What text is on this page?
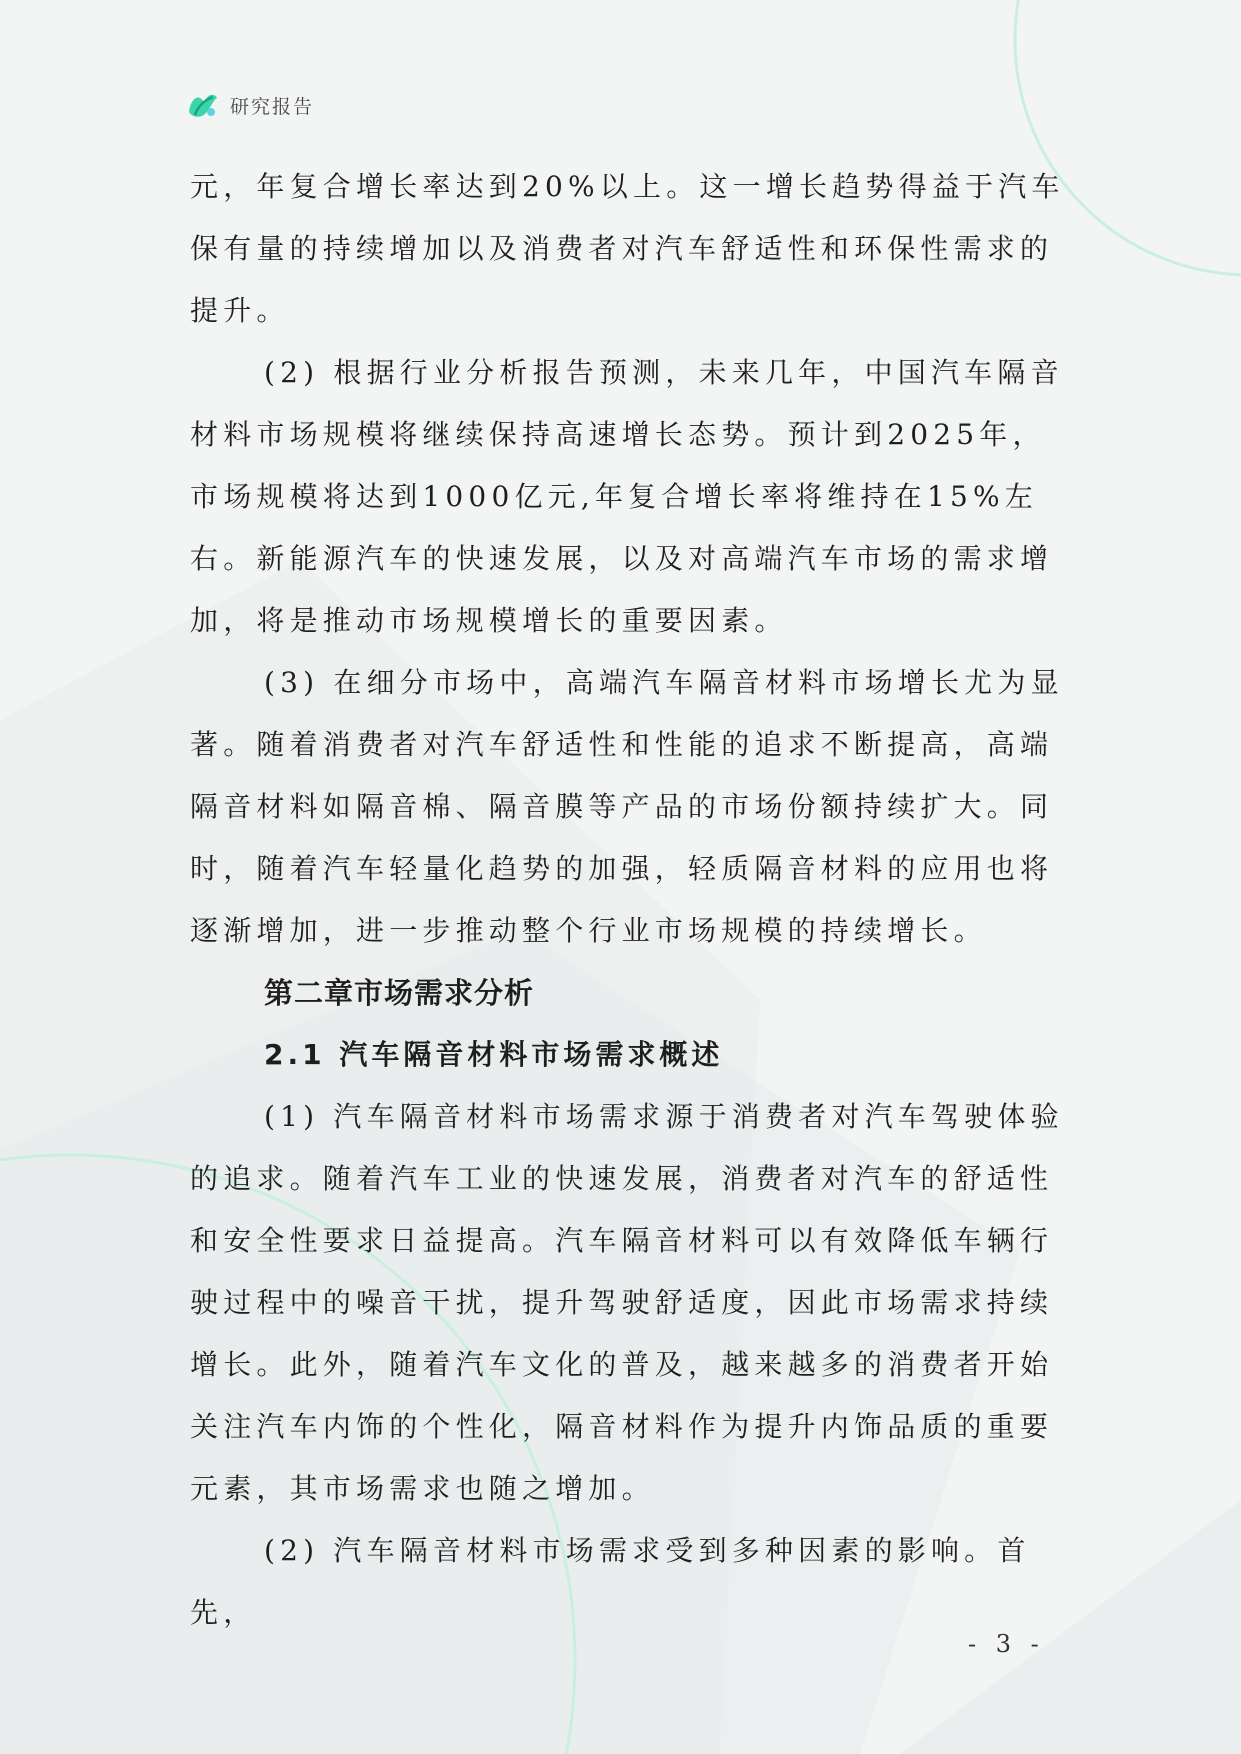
研究报告

元，年复合增长率达到20%以上。这一增长趋势得益于汽车保有量的持续增加以及消费者对汽车舒适性和环保性需求的提升。

(2) 根据行业分析报告预测，未来几年，中国汽车隔音材料市场规模将继续保持高速增长态势。预计到2025年，市场规模将达到1000亿元,年复合增长率将维持在15%左右。新能源汽车的快速发展，以及对高端汽车市场的需求增加，将是推动市场规模增长的重要因素。

(3) 在细分市场中，高端汽车隔音材料市场增长尤为显著。随着消费者对汽车舒适性和性能的追求不断提高，高端隔音材料如隔音棉、隔音膜等产品的市场份额持续扩大。同时，随着汽车轻量化趋势的加强，轻质隔音材料的应用也将逐渐增加，进一步推动整个行业市场规模的持续增长。

第二章市场需求分析
2.1 汽车隔音材料市场需求概述

(1) 汽车隔音材料市场需求源于消费者对汽车驾驶体验的追求。随着汽车工业的快速发展，消费者对汽车的舒适性和安全性要求日益提高。汽车隔音材料可以有效降低车辆行驶过程中的噪音干扰，提升驾驶舒适度，因此市场需求持续增长。此外，随着汽车文化的普及，越来越多的消费者开始关注汽车内饰的个性化，隔音材料作为提升内饰品质的重要元素，其市场需求也随之增加。

(2) 汽车隔音材料市场需求受到多种因素的影响。首先，

- 3 -
